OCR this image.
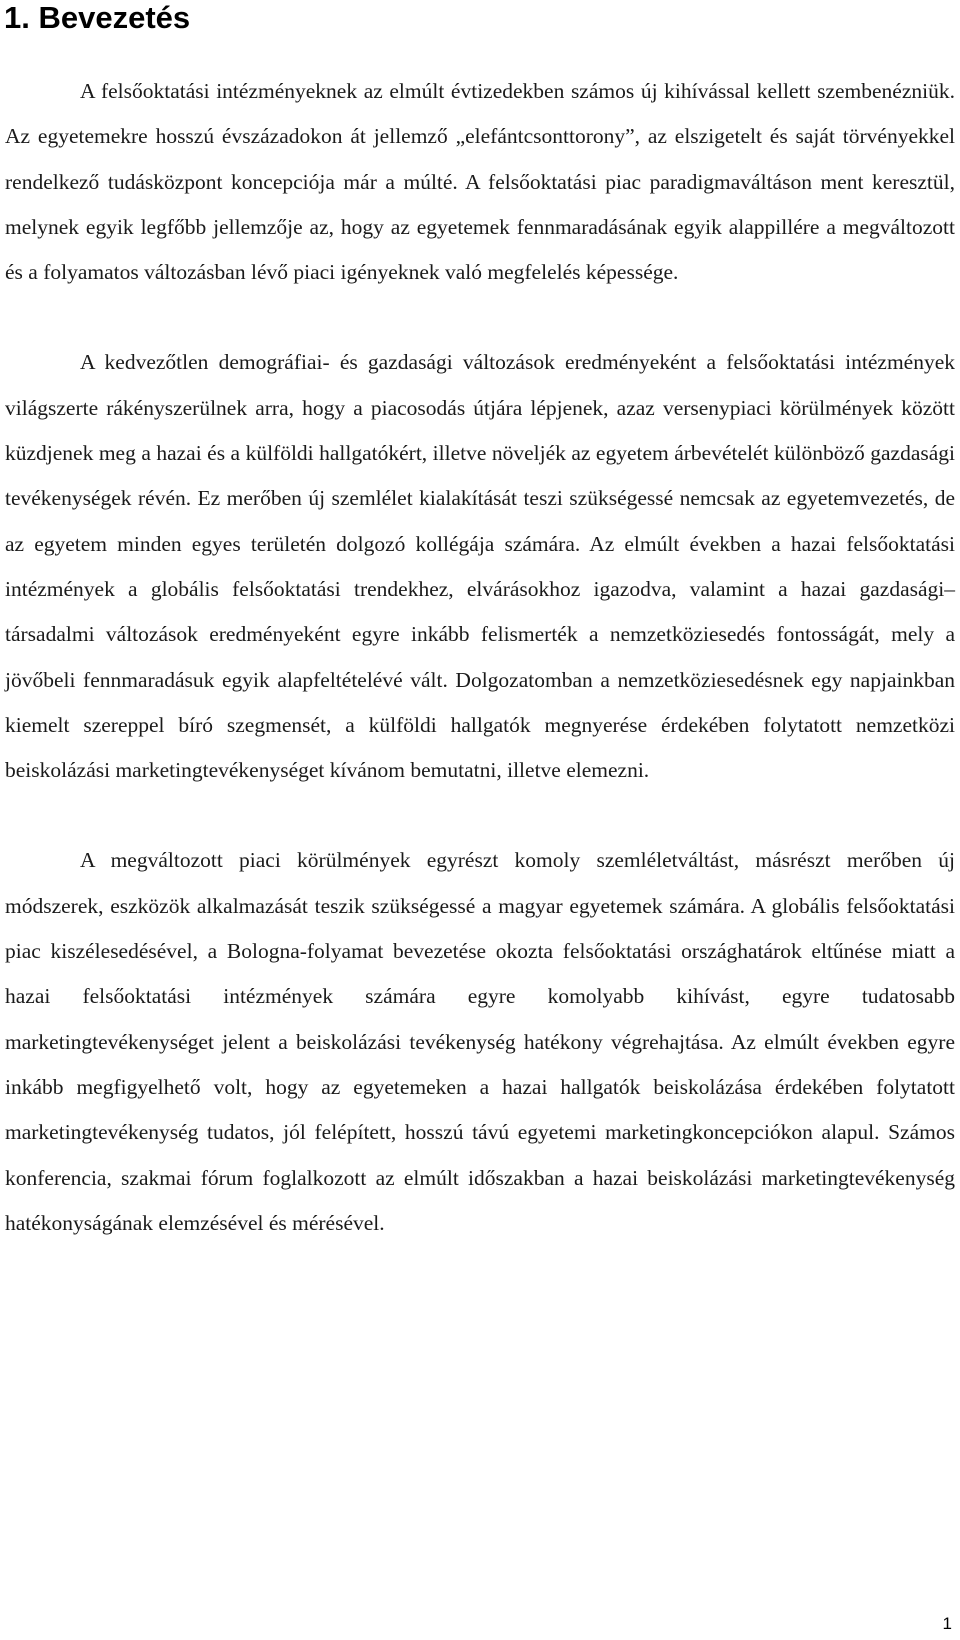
1. Bevezetés

A felsőoktatási intézményeknek az elmúlt évtizedekben számos új kihívással kellett szembenézniük. Az egyetemekre hosszú évszázadokon át jellemző „elefántcsonttorony”, az elszigetelt és saját törvényekkel rendelkező tudásközpont koncepciója már a múlté. A felsőoktatási piac paradigmaváltáson ment keresztül, melynek egyik legfőbb jellemzője az, hogy az egyetemek fennmaradásának egyik alappillére a megváltozott és a folyamatos változásban lévő piaci igényeknek való megfelelés képessége.

A kedvezőtlen demográfiai- és gazdasági változások eredményeként a felsőoktatási intézmények világszerte rákényszerülnek arra, hogy a piacosodás útjára lépjenek, azaz versenypiaci körülmények között küzdjenek meg a hazai és a külföldi hallgatókért, illetve növeljék az egyetem árbevételét különböző gazdasági tevékenységek révén. Ez merőben új szemlélet kialakítását teszi szükségessé nemcsak az egyetemvezetés, de az egyetem minden egyes területén dolgozó kollégája számára. Az elmúlt években a hazai felsőoktatási intézmények a globális felsőoktatási trendekhez, elvárásokhoz igazodva, valamint a hazai gazdasági–társadalmi változások eredményeként egyre inkább felismerték a nemzetköziesedés fontosságát, mely a jövőbeli fennmaradásuk egyik alapfeltételévé vált. Dolgozatomban a nemzetköziesedésnek egy napjainkban kiemelt szereppel bíró szegmensét, a külföldi hallgatók megnyerése érdekében folytatott nemzetközi beiskolázási marketingtevékenységet kívánom bemutatni, illetve elemezni.

A megváltozott piaci körülmények egyrészt komoly szemléletváltást, másrészt merőben új módszerek, eszközök alkalmazását teszik szükségessé a magyar egyetemek számára. A globális felsőoktatási piac kiszélesedésével, a Bologna-folyamat bevezetése okozta felsőoktatási országhatárok eltűnése miatt a hazai felsőoktatási intézmények számára egyre komolyabb kihívást, egyre tudatosabb marketingtevékenységet jelent a beiskolázási tevékenység hatékony végrehajtása. Az elmúlt években egyre inkább megfigyelhető volt, hogy az egyetemeken a hazai hallgatók beiskolázása érdekében folytatott marketingtevékenység tudatos, jól felépített, hosszú távú egyetemi marketingkoncepciókon alapul. Számos konferencia, szakmai fórum foglalkozott az elmúlt időszakban a hazai beiskolázási marketingtevékenység hatékonyságának elemzésével és mérésével.

1
